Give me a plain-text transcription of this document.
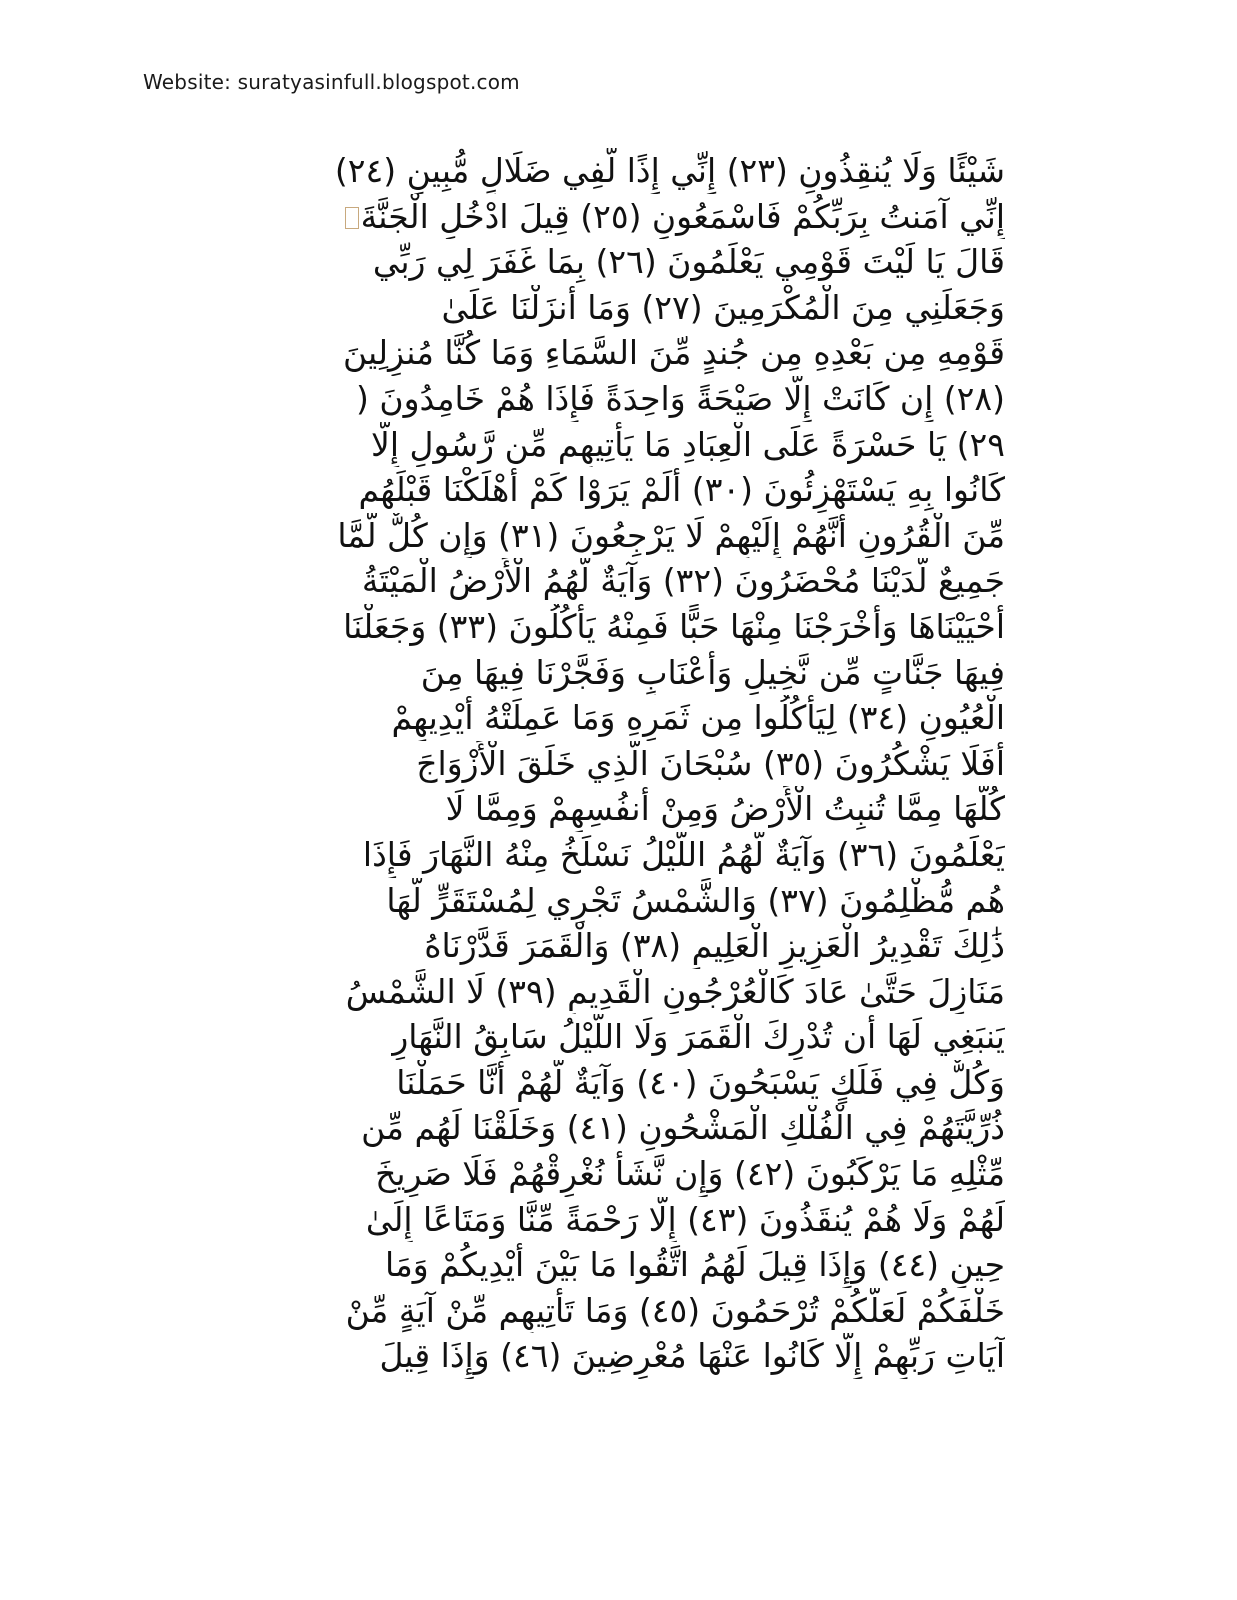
Website: suratyasinfull.blogspot.com
شَيْئًا وَلَا يُنقِذُونِ (٢٣) إِنِّي إِذًا لَّفِي ضَلَالٍ مُّبِينٍ (٢٤)
إِنِّي آمَنتُ بِرَبِّكُمْ فَاسْمَعُونِ (٢٥) قِيلَ ادْخُلِ الْجَنَّةَ
قَالَ يَا لَيْتَ قَوْمِي يَعْلَمُونَ (٢٦) بِمَا غَفَرَ لِي رَبِّي
وَجَعَلَنِي مِنَ الْمُكْرَمِينَ (٢٧) وَمَا أَنزَلْنَا عَلَىٰ
قَوْمِهِ مِن بَعْدِهِ مِن جُندٍ مِّنَ السَّمَاءِ وَمَا كُنَّا مُنزِلِينَ
(٢٨) إِن كَانَتْ إِلَّا صَيْحَةً وَاحِدَةً فَإِذَا هُمْ خَامِدُونَ (
٢٩) يَا حَسْرَةً عَلَى الْعِبَادِ مَا يَأْتِيهِم مِّن رَّسُولٍ إِلَّا
كَانُوا بِهِ يَسْتَهْزِئُونَ (٣٠) أَلَمْ يَرَوْا كَمْ أَهْلَكْنَا قَبْلَهُم
مِّنَ الْقُرُونِ أَنَّهُمْ إِلَيْهِمْ لَا يَرْجِعُونَ (٣١) وَإِن كُلٌّ لَّمَّا
جَمِيعٌ لَّدَيْنَا مُحْضَرُونَ (٣٢) وَآيَةٌ لَّهُمُ الْأَرْضُ الْمَيْتَةُ
أَحْيَيْنَاهَا وَأَخْرَجْنَا مِنْهَا حَبًّا فَمِنْهُ يَأْكُلُونَ (٣٣) وَجَعَلْنَا
فِيهَا جَنَّاتٍ مِّن نَّخِيلٍ وَأَعْنَابٍ وَفَجَّرْنَا فِيهَا مِنَ
الْعُيُونِ (٣٤) لِيَأْكُلُوا مِن ثَمَرِهِ وَمَا عَمِلَتْهُ أَيْدِيهِمْ
أَفَلَا يَشْكُرُونَ (٣٥) سُبْحَانَ الَّذِي خَلَقَ الْأَزْوَاجَ
كُلَّهَا مِمَّا تُنبِتُ الْأَرْضُ وَمِنْ أَنفُسِهِمْ وَمِمَّا لَا
يَعْلَمُونَ (٣٦) وَآيَةٌ لَّهُمُ اللَّيْلُ نَسْلَخُ مِنْهُ النَّهَارَ فَإِذَا
هُم مُّظْلِمُونَ (٣٧) وَالشَّمْسُ تَجْرِي لِمُسْتَقَرٍّ لَّهَا
ذَٰلِكَ تَقْدِيرُ الْعَزِيزِ الْعَلِيمِ (٣٨) وَالْقَمَرَ قَدَّرْنَاهُ
مَنَازِلَ حَتَّىٰ عَادَ كَالْعُرْجُونِ الْقَدِيمِ (٣٩) لَا الشَّمْسُ
يَنبَغِي لَهَا أَن تُدْرِكَ الْقَمَرَ وَلَا اللَّيْلُ سَابِقُ النَّهَارِ
وَكُلٌّ فِي فَلَكٍ يَسْبَحُونَ (٤٠) وَآيَةٌ لَّهُمْ أَنَّا حَمَلْنَا
ذُرِّيَّتَهُمْ فِي الْفُلْكِ الْمَشْحُونِ (٤١) وَخَلَقْنَا لَهُم مِّن
مِّثْلِهِ مَا يَرْكَبُونَ (٤٢) وَإِن نَّشَأْ نُغْرِقْهُمْ فَلَا صَرِيخَ
لَهُمْ وَلَا هُمْ يُنقَذُونَ (٤٣) إِلَّا رَحْمَةً مِّنَّا وَمَتَاعًا إِلَىٰ
حِينٍ (٤٤) وَإِذَا قِيلَ لَهُمُ اتَّقُوا مَا بَيْنَ أَيْدِيكُمْ وَمَا
خَلْفَكُمْ لَعَلَّكُمْ تُرْحَمُونَ (٤٥) وَمَا تَأْتِيهِم مِّنْ آيَةٍ مِّنْ
آيَاتِ رَبِّهِمْ إِلَّا كَانُوا عَنْهَا مُعْرِضِينَ (٤٦) وَإِذَا قِيلَ
